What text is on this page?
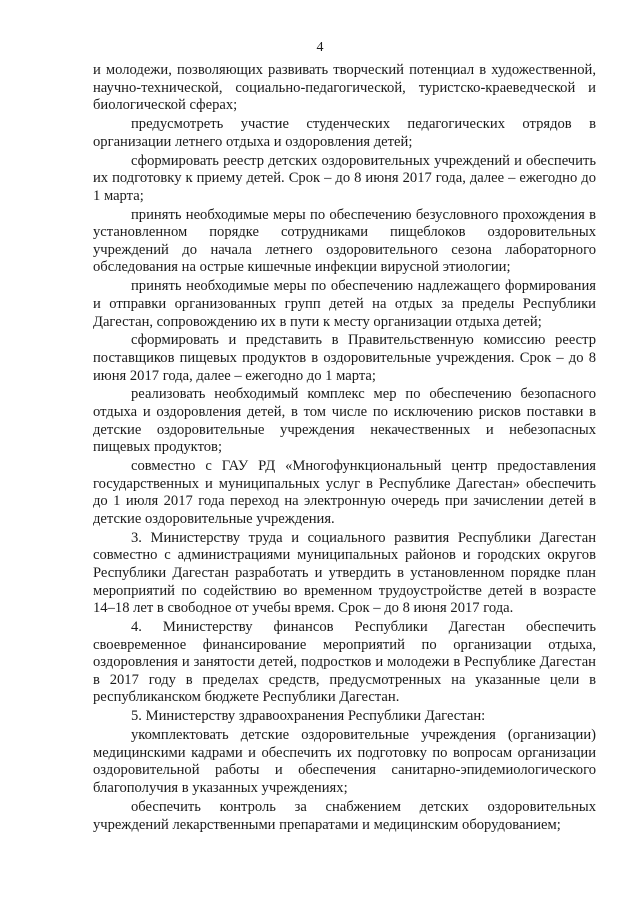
4

и молодежи, позволяющих развивать творческий потенциал в художественной, научно-технической, социально-педагогической, туристско-краеведческой и биологической сферах;

предусмотреть участие студенческих педагогических отрядов в организации летнего отдыха и оздоровления детей;

сформировать реестр детских оздоровительных учреждений и обеспечить их подготовку к приему детей. Срок – до 8 июня 2017 года, далее – ежегодно до 1 марта;

принять необходимые меры по обеспечению безусловного прохождения в установленном порядке сотрудниками пищеблоков оздоровительных учреждений до начала летнего оздоровительного сезона лабораторного обследования на острые кишечные инфекции вирусной этиологии;

принять необходимые меры по обеспечению надлежащего формирования и отправки организованных групп детей на отдых за пределы Республики Дагестан, сопровождению их в пути к месту организации отдыха детей;

сформировать и представить в Правительственную комиссию реестр поставщиков пищевых продуктов в оздоровительные учреждения. Срок – до 8 июня 2017 года, далее – ежегодно до 1 марта;

реализовать необходимый комплекс мер по обеспечению безопасного отдыха и оздоровления детей, в том числе по исключению рисков поставки в детские оздоровительные учреждения некачественных и небезопасных пищевых продуктов;

совместно с ГАУ РД «Многофункциональный центр предоставления государственных и муниципальных услуг в Республике Дагестан» обеспечить до 1 июля 2017 года переход на электронную очередь при зачислении детей в детские оздоровительные учреждения.

3. Министерству труда и социального развития Республики Дагестан совместно с администрациями муниципальных районов и городских округов Республики Дагестан разработать и утвердить в установленном порядке план мероприятий по содействию во временном трудоустройстве детей в возрасте 14–18 лет в свободное от учебы время. Срок – до 8 июня 2017 года.

4. Министерству финансов Республики Дагестан обеспечить своевременное финансирование мероприятий по организации отдыха, оздоровления и занятости детей, подростков и молодежи в Республике Дагестан в 2017 году в пределах средств, предусмотренных на указанные цели в республиканском бюджете Республики Дагестан.

5. Министерству здравоохранения Республики Дагестан:

укомплектовать детские оздоровительные учреждения (организации) медицинскими кадрами и обеспечить их подготовку по вопросам организации оздоровительной работы и обеспечения санитарно-эпидемиологического благополучия в указанных учреждениях;

обеспечить контроль за снабжением детских оздоровительных учреждений лекарственными препаратами и медицинским оборудованием;
